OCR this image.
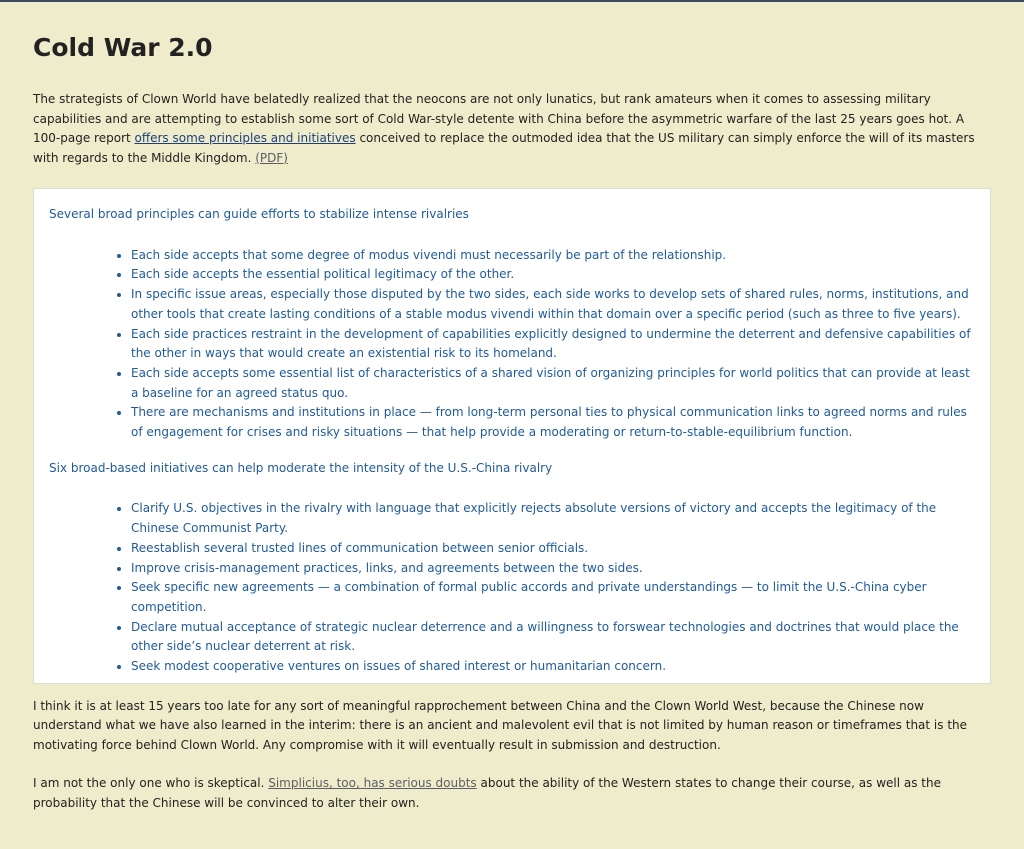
Cold War 2.0

The strategists of Clown World have belatedly realized that the neocons are not only lunatics, but rank amateurs when it comes to assessing military capabilities and are attempting to establish some sort of Cold War-style detente with China before the asymmetric warfare of the last 25 years goes hot. A 100-page report offers some principles and initiatives conceived to replace the outmoded idea that the US military can simply enforce the will of its masters with regards to the Middle Kingdom. (PDF)

Several broad principles can guide efforts to stabilize intense rivalries
• Each side accepts that some degree of modus vivendi must necessarily be part of the relationship.
• Each side accepts the essential political legitimacy of the other.
• In specific issue areas, especially those disputed by the two sides, each side works to develop sets of shared rules, norms, institutions, and other tools that create lasting conditions of a stable modus vivendi within that domain over a specific period (such as three to five years).
• Each side practices restraint in the development of capabilities explicitly designed to undermine the deterrent and defensive capabilities of the other in ways that would create an existential risk to its homeland.
• Each side accepts some essential list of characteristics of a shared vision of organizing principles for world politics that can provide at least a baseline for an agreed status quo.
• There are mechanisms and institutions in place — from long-term personal ties to physical communication links to agreed norms and rules of engagement for crises and risky situations — that help provide a moderating or return-to-stable-equilibrium function.
Six broad-based initiatives can help moderate the intensity of the U.S.-China rivalry
• Clarify U.S. objectives in the rivalry with language that explicitly rejects absolute versions of victory and accepts the legitimacy of the Chinese Communist Party.
• Reestablish several trusted lines of communication between senior officials.
• Improve crisis-management practices, links, and agreements between the two sides.
• Seek specific new agreements — a combination of formal public accords and private understandings — to limit the U.S.-China cyber competition.
• Declare mutual acceptance of strategic nuclear deterrence and a willingness to forswear technologies and doctrines that would place the other side’s nuclear deterrent at risk.
• Seek modest cooperative ventures on issues of shared interest or humanitarian concern.

I think it is at least 15 years too late for any sort of meaningful rapprochement between China and the Clown World West, because the Chinese now understand what we have also learned in the interim: there is an ancient and malevolent evil that is not limited by human reason or timeframes that is the motivating force behind Clown World. Any compromise with it will eventually result in submission and destruction.

I am not the only one who is skeptical. Simplicius, too, has serious doubts about the ability of the Western states to change their course, as well as the probability that the Chinese will be convinced to alter their own.
